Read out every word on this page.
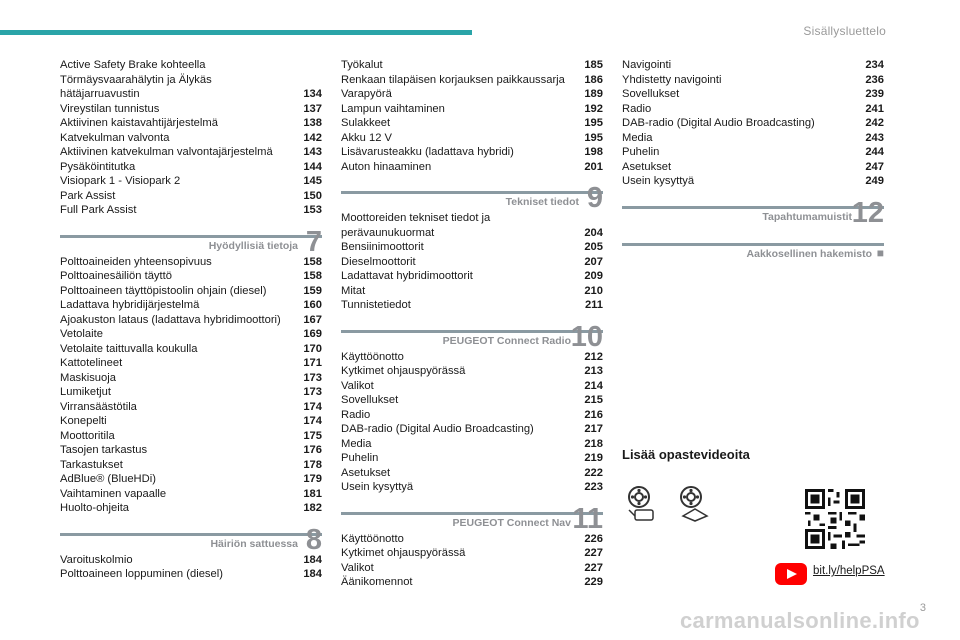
Sisällysluettelo
Active Safety Brake kohteella
Törmäysvaarahälytin ja Älykäs
hätäjarruavustin	134
Vireystilan tunnistus	137
Aktiivinen kaistavahtijärjestelmä	138
Katvekulman valvonta	142
Aktiivinen katvekulman valvontajärjestelmä	143
Pysäköintitutka	144
Visiopark 1 - Visiopark 2	145
Park Assist	150
Full Park Assist	153
Hyödyllisiä tietoja 7
Polttoaineiden yhteensopivuus	158
Polttoainesäiliön täyttö	158
Polttoaineen täyttöpistoolin ohjain (diesel)	159
Ladattava hybridijärjestelmä	160
Ajoakuston lataus (ladattava hybridimoottori)	167
Vetolaite	169
Vetolaite taittuvalla koukulla	170
Kattotelineet	171
Maskisuoja	173
Lumiketjut	173
Virransäästötila	174
Konepelti	174
Moottoritila	175
Tasojen tarkastus	176
Tarkastukset	178
AdBlue® (BlueHDi)	179
Vaihtaminen vapaalle	181
Huolto-ohjeita	182
Häiriön sattuessa 8
Varoituskolmio	184
Polttoaineen loppuminen (diesel)	184
Työkalut	185
Renkaan tilapäisen korjauksen paikkaussarja	186
Varapyörä	189
Lampun vaihtaminen	192
Sulakkeet	195
Akku 12 V	195
Lisävarusteakku (ladattava hybridi)	198
Auton hinaaminen	201
Tekniset tiedot 9
Moottoreiden tekniset tiedot ja
perävaunukuormat	204
Bensiinimoottorit	205
Dieselmoottorit	207
Ladattavat hybridimoottorit	209
Mitat	210
Tunnistetiedot	211
PEUGEOT Connect Radio 10
Käyttöönotto	212
Kytkimet ohjauspyörässä	213
Valikot	214
Sovellukset	215
Radio	216
DAB-radio (Digital Audio Broadcasting)	217
Media	218
Puhelin	219
Asetukset	222
Usein kysyttyä	223
PEUGEOT Connect Nav 11
Käyttöönotto	226
Kytkimet ohjauspyörässä	227
Valikot	227
Äänikomennot	229
Navigointi	234
Yhdistetty navigointi	236
Sovellukset	239
Radio	241
DAB-radio (Digital Audio Broadcasting)	242
Media	243
Puhelin	244
Asetukset	247
Usein kysyttyä	249
Tapahtumamuistit 12
Aakkosellinen hakemisto ■
Lisää opastevideoita
bit.ly/helpPSA
carmanualsonline.info 3
